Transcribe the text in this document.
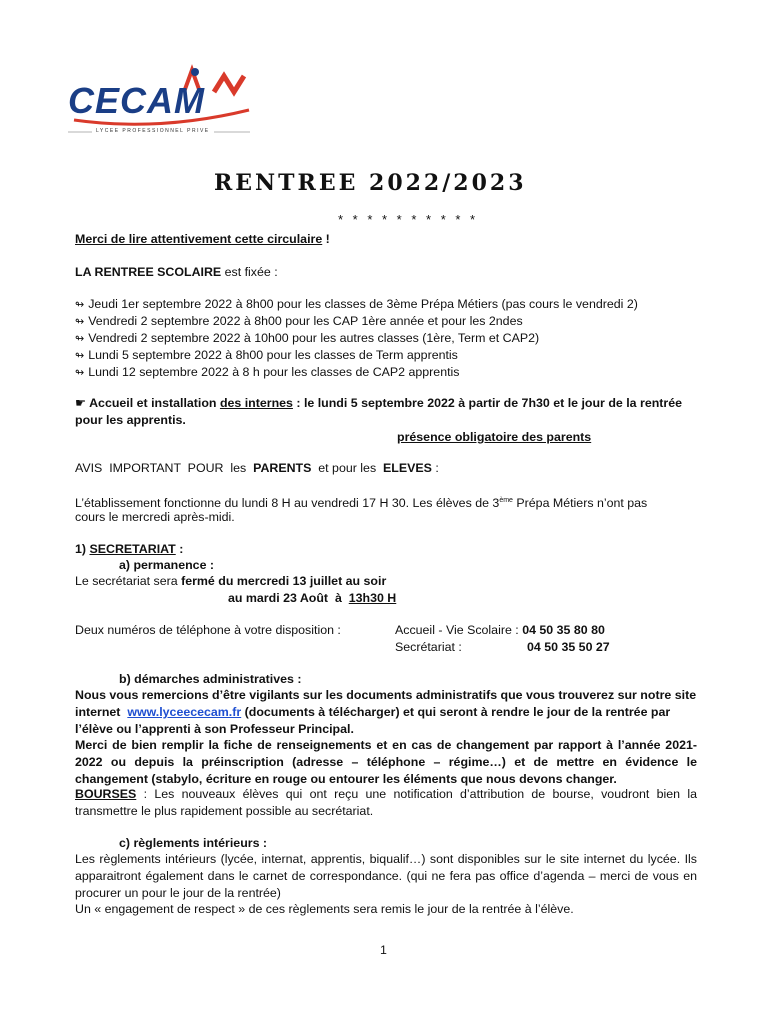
CECAM
LYCEE PROFESSIONNEL PRIVE
RENTREE 2022/2023
* * * * * * * * * *
Merci de lire attentivement cette circulaire !
LA RENTREE SCOLAIRE est fixée :
↬ Jeudi 1er septembre 2022 à 8h00 pour les classes de 3ème Prépa Métiers (pas cours le vendredi 2)
↬ Vendredi 2 septembre 2022 à 8h00 pour les CAP 1ère année et pour les 2ndes
↬ Vendredi 2 septembre 2022 à 10h00 pour les autres classes (1ère, Term et CAP2)
↬ Lundi 5 septembre 2022 à 8h00 pour les classes de Term apprentis
↬ Lundi 12 septembre 2022 à 8 h pour les classes de CAP2 apprentis
☛ Accueil et installation des internes : le lundi 5 septembre 2022 à partir de 7h30 et le jour de la rentrée
pour les apprentis.
présence obligatoire des parents
AVIS  IMPORTANT  POUR  les  PARENTS  et pour les  ELEVES :
L’établissement fonctionne du lundi 8 H au vendredi 17 H 30. Les élèves de 3ème Prépa Métiers n’ont pas
cours le mercredi après-midi.
1) SECRETARIAT :
a) permanence :
Le secrétariat sera fermé du mercredi 13 juillet au soir
au mardi 23 Août  à  13h30 H
Deux numéros de téléphone à votre disposition :	Accueil - Vie Scolaire : 04 50 35 80 80
Secrétariat :	04 50 35 50 27
b) démarches administratives :
Nous vous remercions d’être vigilants sur les documents administratifs que vous trouverez sur notre site
internet  www.lyceececam.fr (documents à télécharger) et qui seront à rendre le jour de la rentrée par
l’élève ou l’apprenti à son Professeur Principal.
Merci de bien remplir la fiche de renseignements et en cas de changement par rapport à l’année 2021-2022 ou depuis la préinscription (adresse – téléphone – régime…) et de mettre en évidence le changement (stabylo, écriture en rouge ou entourer les éléments que nous devons changer.
BOURSES : Les nouveaux élèves qui ont reçu une notification d’attribution de bourse, voudront bien la transmettre le plus rapidement possible au secrétariat.
c) règlements intérieurs :
Les règlements intérieurs (lycée, internat, apprentis, biqualif…) sont disponibles sur le site internet du lycée. Ils apparaitront également dans le carnet de correspondance. (qui ne fera pas office d’agenda – merci de vous en procurer un pour le jour de la rentrée)
Un « engagement de respect » de ces règlements sera remis le jour de la rentrée à l’élève.
1
